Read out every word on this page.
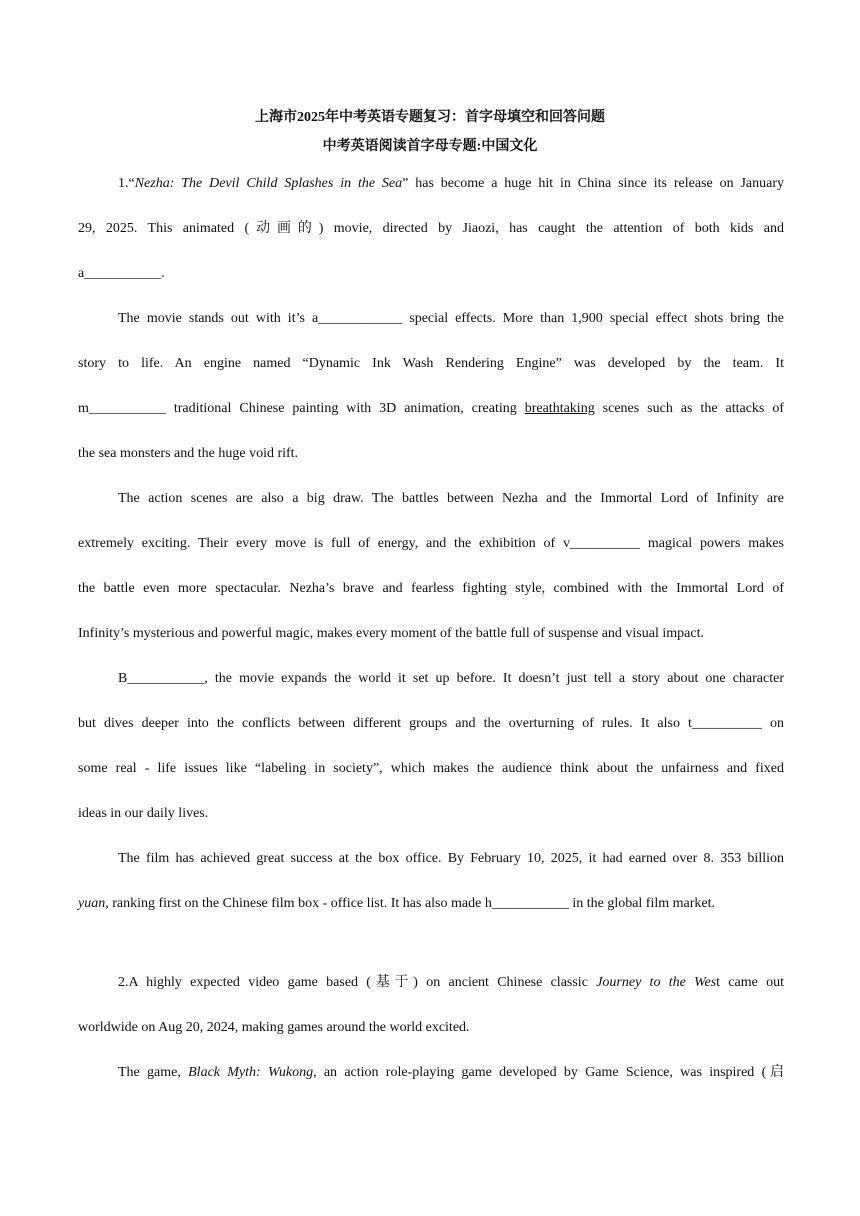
上海市2025年中考英语专题复习：首字母填空和回答问题
中考英语阅读首字母专题:中国文化
1.“Nezha: The Devil Child Splashes in the Sea” has become a huge hit in China since its release on January
29, 2025. This animated (动画的) movie, directed by Jiaozi, has caught the attention of both kids and
a___________.
The movie stands out with it’s a____________ special effects. More than 1,900 special effect shots bring the
story to life. An engine named “Dynamic Ink Wash Rendering Engine” was developed by the team. It
m___________ traditional Chinese painting with 3D animation, creating breathtaking scenes such as the attacks of
the sea monsters and the huge void rift.
The action scenes are also a big draw. The battles between Nezha and the Immortal Lord of Infinity are
extremely exciting. Their every move is full of energy, and the exhibition of v__________ magical powers makes
the battle even more spectacular. Nezha’s brave and fearless fighting style, combined with the Immortal Lord of
Infinity’s mysterious and powerful magic, makes every moment of the battle full of suspense and visual impact.
B___________, the movie expands the world it set up before. It doesn’t just tell a story about one character
but dives deeper into the conflicts between different groups and the overturning of rules. It also t__________ on
some real - life issues like “labeling in society”, which makes the audience think about the unfairness and fixed
ideas in our daily lives.
The film has achieved great success at the box office. By February 10, 2025, it had earned over 8. 353 billion
yuan, ranking first on the Chinese film box - office list. It has also made h___________ in the global film market.
2.A highly expected video game based (基于) on ancient Chinese classic Journey to the West came out
worldwide on Aug 20, 2024, making games around the world excited.
The game, Black Myth: Wukong, an action role-playing game developed by Game Science, was inspired (启
